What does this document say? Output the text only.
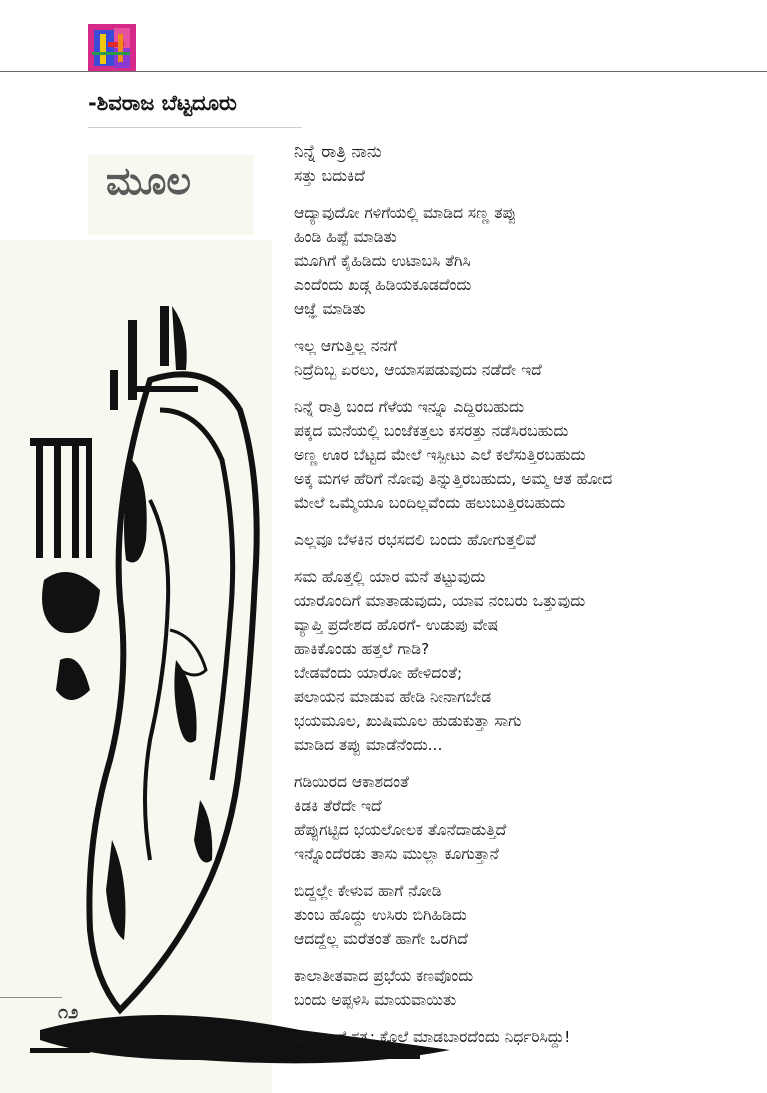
-ಶಿವರಾಜ ಬೆಟ್ಟದೂರು
ಮೂಲ
೧೨
ನಿನ್ನೆ ರಾತ್ರಿ ನಾನು
ಸತ್ತು ಬದುಕಿದೆ
ಆದ್ಯಾವುದೋ ಗಳಿಗೆಯಲ್ಲಿ ಮಾಡಿದ ಸಣ್ಣ ತಪ್ಪು
ಹಿಂಡಿ ಹಿಪ್ಪೆ ಮಾಡಿತು
ಮೂಗಿಗೆ ಕೈಹಿಡಿದು ಉಟಾಬಸಿ ತೆಗಿಸಿ
ಎಂದೆಂದು ಖಡ್ಗ ಹಿಡಿಯಕೂಡದೆಂದು
ಆಜ್ಞೆ ಮಾಡಿತು
ಇಲ್ಲ ಆಗುತ್ತಿಲ್ಲ ನನಗೆ
ನಿದ್ರೆದಿಬ್ಬ ಏರಲು, ಆಯಾಸಪಡುವುದು ನಡೆದೇ ಇದೆ
ನಿನ್ನೆ ರಾತ್ರಿ ಬಂದ ಗೆಳೆಯ ಇನ್ನೂ ಎದ್ದಿರಬಹುದು
ಪಕ್ಕದ ಮನೆಯಲ್ಲಿ ಬಂಜೆಕತ್ತಲು ಕಸರತ್ತು ನಡೆಸಿರಬಹುದು
ಅಣ್ಣ ಊರ ಬೆಟ್ಟದ ಮೇಲೆ ಇಸ್ಪೀಟು ಎಲೆ ಕಲೆಸುತ್ತಿರಬಹುದು
ಅಕ್ಕ ಮಗಳ ಹೆರಿಗೆ ನೋವು ತಿನ್ನುತ್ತಿರಬಹುದು, ಅಮ್ಮ ಆತ ಹೋದ
ಮೇಲೆ ಒಮ್ಮೆಯೂ ಬಂದಿಲ್ಲವೆಂದು ಹಲುಬುತ್ತಿರಬಹುದು
ಎಲ್ಲವೂ ಬೆಳಕಿನ ರಭಸದಲಿ ಬಂದು ಹೋಗುತ್ತಲಿವೆ
ಸಮ ಹೊತ್ತಲ್ಲಿ ಯಾರ ಮನೆ ತಟ್ಟುವುದು
ಯಾರೊಂದಿಗೆ ಮಾತಾಡುವುದು, ಯಾವ ನಂಬರು ಒತ್ತುವುದು
ವ್ಯಾಪ್ತಿ ಪ್ರದೇಶದ ಹೊರಗೆ- ಉಡುಪು ವೇಷ
ಹಾಕಿಕೊಂಡು ಹತ್ತಲೆ ಗಾಡಿ?
ಬೇಡವೆಂದು ಯಾರೋ ಹೇಳಿದಂತೆ;
ಪಲಾಯನ ಮಾಡುವ ಹೇಡಿ ನೀನಾಗಬೇಡ
ಭಯಮೂಲ, ಖುಷಿಮೂಲ ಹುಡುಕುತ್ತಾ ಸಾಗು
ಮಾಡಿದ ತಪ್ಪು ಮಾಡೆನೆಂದು...
ಗಡಿಯಿರದ ಆಕಾಶದಂತೆ
ಕಿಡಕಿ ತೆರೆದೇ ಇದೆ
ಹೆಪ್ಪುಗಟ್ಟಿದ ಭಯಲೋಲಕ ತೊನೆದಾಡುತ್ತಿದೆ
ಇನ್ನೊಂದೆರಡು ತಾಸು ಮುಲ್ಲಾ ಕೂಗುತ್ತಾನೆ
ಬಿದ್ದಲ್ಲೇ ಕೇಳುವ ಹಾಗೆ ನೋಡಿ
ತುಂಬ ಹೊದ್ದು ಉಸಿರು ಬಿಗಿಹಿಡಿದು
ಆದದ್ದೆಲ್ಲ ಮರೆತಂತೆ ಹಾಗೇ ಒರಗಿದೆ
ಕಾಲಾತೀತವಾದ ಪ್ರಭೆಯ ಕಣವೊಂದು
ಬಂದು ಅಪ್ಪಳಿಸಿ ಮಾಯವಾಯಿತು
ಬೆಳಕಿನಾಣೆ ಸತ್ಯ: ಕೊಲೆ ಮಾಡಬಾರದೆಂದು ನಿರ್ಧರಿಸಿದ್ದು!
